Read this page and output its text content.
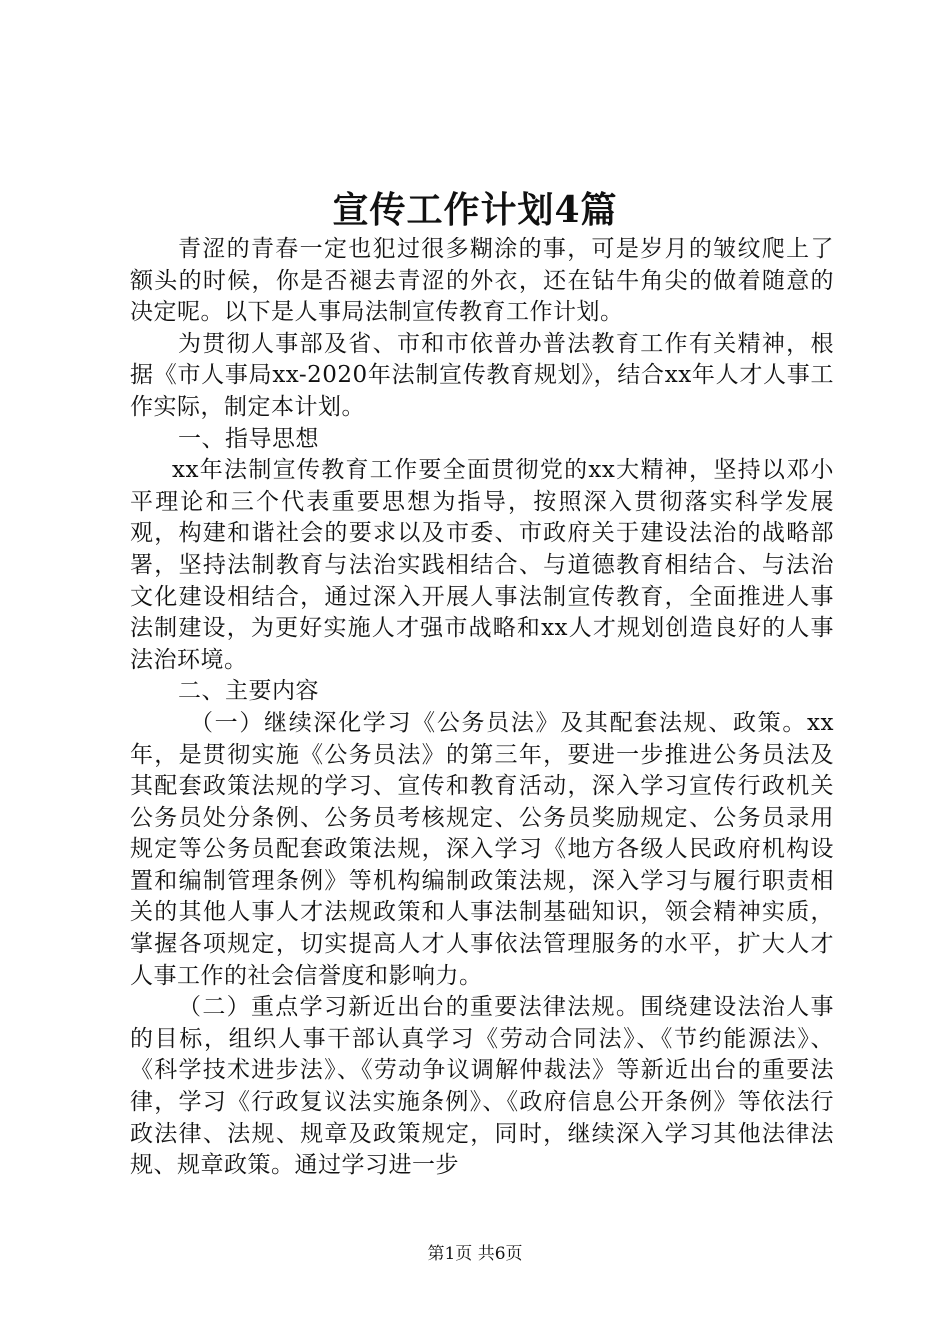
宣传工作计划4篇

青涩的青春一定也犯过很多糊涂的事，可是岁月的皱纹爬上了额头的时候，你是否褪去青涩的外衣，还在钻牛角尖的做着随意的决定呢。以下是人事局法制宣传教育工作计划。

为贯彻人事部及省、市和市依普办普法教育工作有关精神，根据《市人事局xx-2020年法制宣传教育规划》，结合xx年人才人事工作实际，制定本计划。

一、指导思想

xx年法制宣传教育工作要全面贯彻党的xx大精神，坚持以邓小平理论和三个代表重要思想为指导，按照深入贯彻落实科学发展观，构建和谐社会的要求以及市委、市政府关于建设法治的战略部署，坚持法制教育与法治实践相结合、与道德教育相结合、与法治文化建设相结合，通过深入开展人事法制宣传教育，全面推进人事法制建设，为更好实施人才强市战略和xx人才规划创造良好的人事法治环境。

二、主要内容

（一）继续深化学习《公务员法》及其配套法规、政策。xx年，是贯彻实施《公务员法》的第三年，要进一步推进公务员法及其配套政策法规的学习、宣传和教育活动，深入学习宣传行政机关公务员处分条例、公务员考核规定、公务员奖励规定、公务员录用规定等公务员配套政策法规，深入学习《地方各级人民政府机构设置和编制管理条例》等机构编制政策法规，深入学习与履行职责相关的其他人事人才法规政策和人事法制基础知识，领会精神实质，掌握各项规定，切实提高人才人事依法管理服务的水平，扩大人才人事工作的社会信誉度和影响力。

（二）重点学习新近出台的重要法律法规。围绕建设法治人事的目标，组织人事干部认真学习《劳动合同法》、《节约能源法》、《科学技术进步法》、《劳动争议调解仲裁法》等新近出台的重要法律，学习《行政复议法实施条例》、《政府信息公开条例》等依法行政法律、法规、规章及政策规定，同时，继续深入学习其他法律法规、规章政策。通过学习进一步

第1页 共6页
